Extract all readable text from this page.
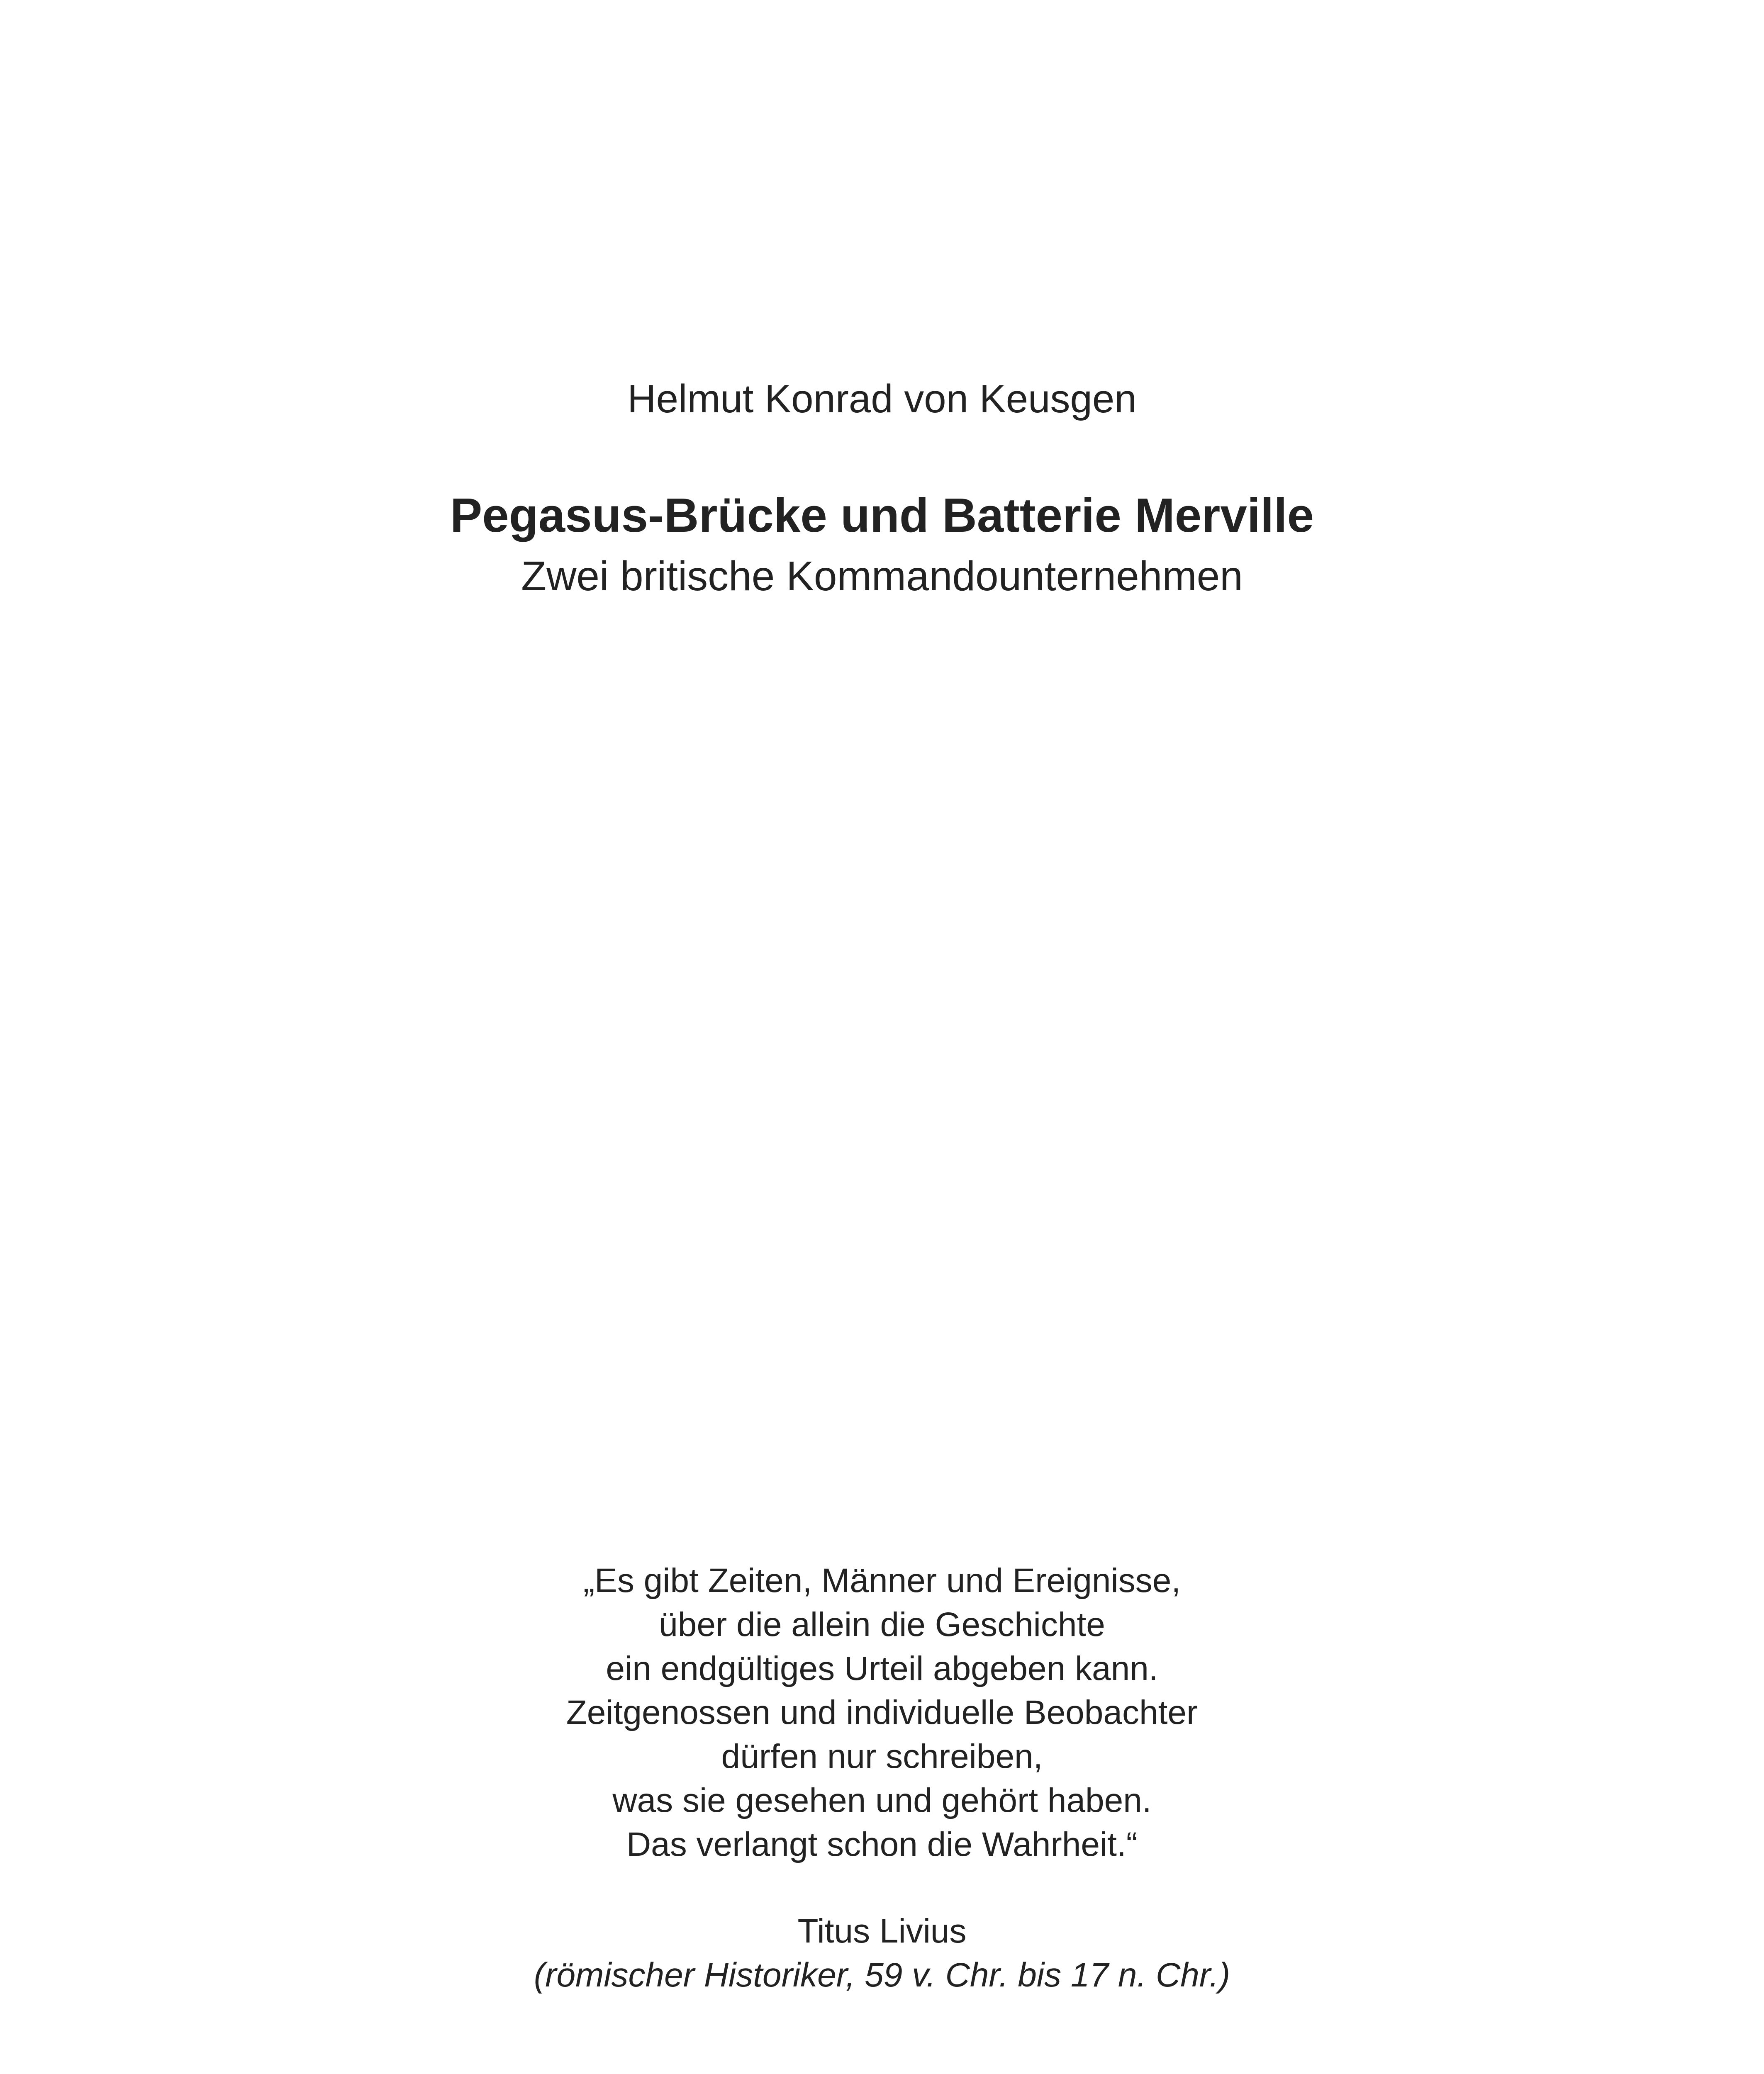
Helmut Konrad von Keusgen

Pegasus-Brücke und Batterie Merville

Zwei britische Kommandounternehmen

„Es gibt Zeiten, Männer und Ereignisse,
über die allein die Geschichte
ein endgültiges Urteil abgeben kann.
Zeitgenossen und individuelle Beobachter
dürfen nur schreiben,
was sie gesehen und gehört haben.
Das verlangt schon die Wahrheit.“
Titus Livius
(römischer Historiker, 59 v. Chr. bis 17 n. Chr.)
